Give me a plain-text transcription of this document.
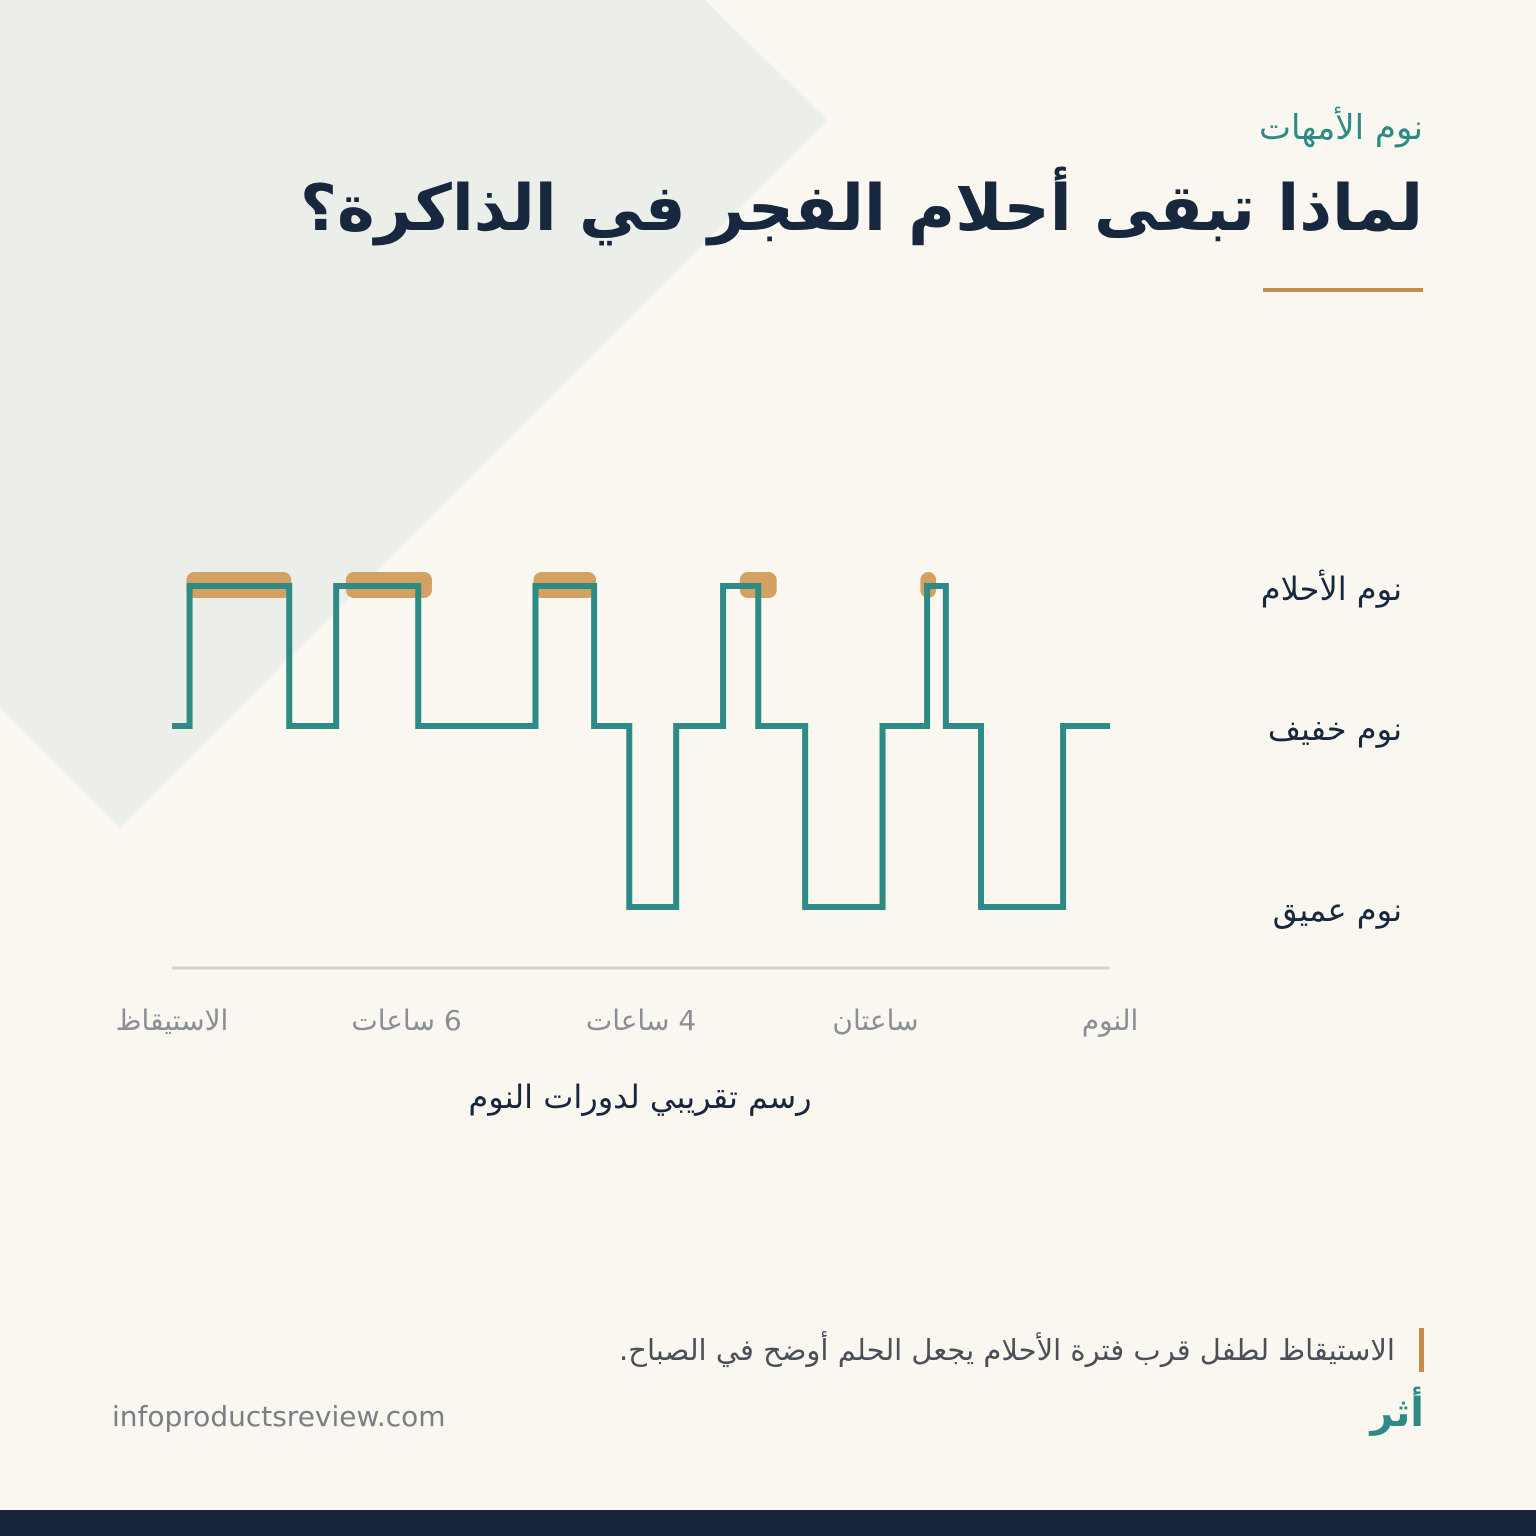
نوم الأمهات
لماذا تبقى أحلام الفجر في الذاكرة؟
النوم
ساعتان
4 ساعات
6 ساعات
الاستيقاظ
نوم الأحلام
نوم خفيف
نوم عميق
رسم تقريبي لدورات النوم
الاستيقاظ لطفل قرب فترة الأحلام يجعل الحلم أوضح في الصباح.
infoproductsreview.com	أثر
